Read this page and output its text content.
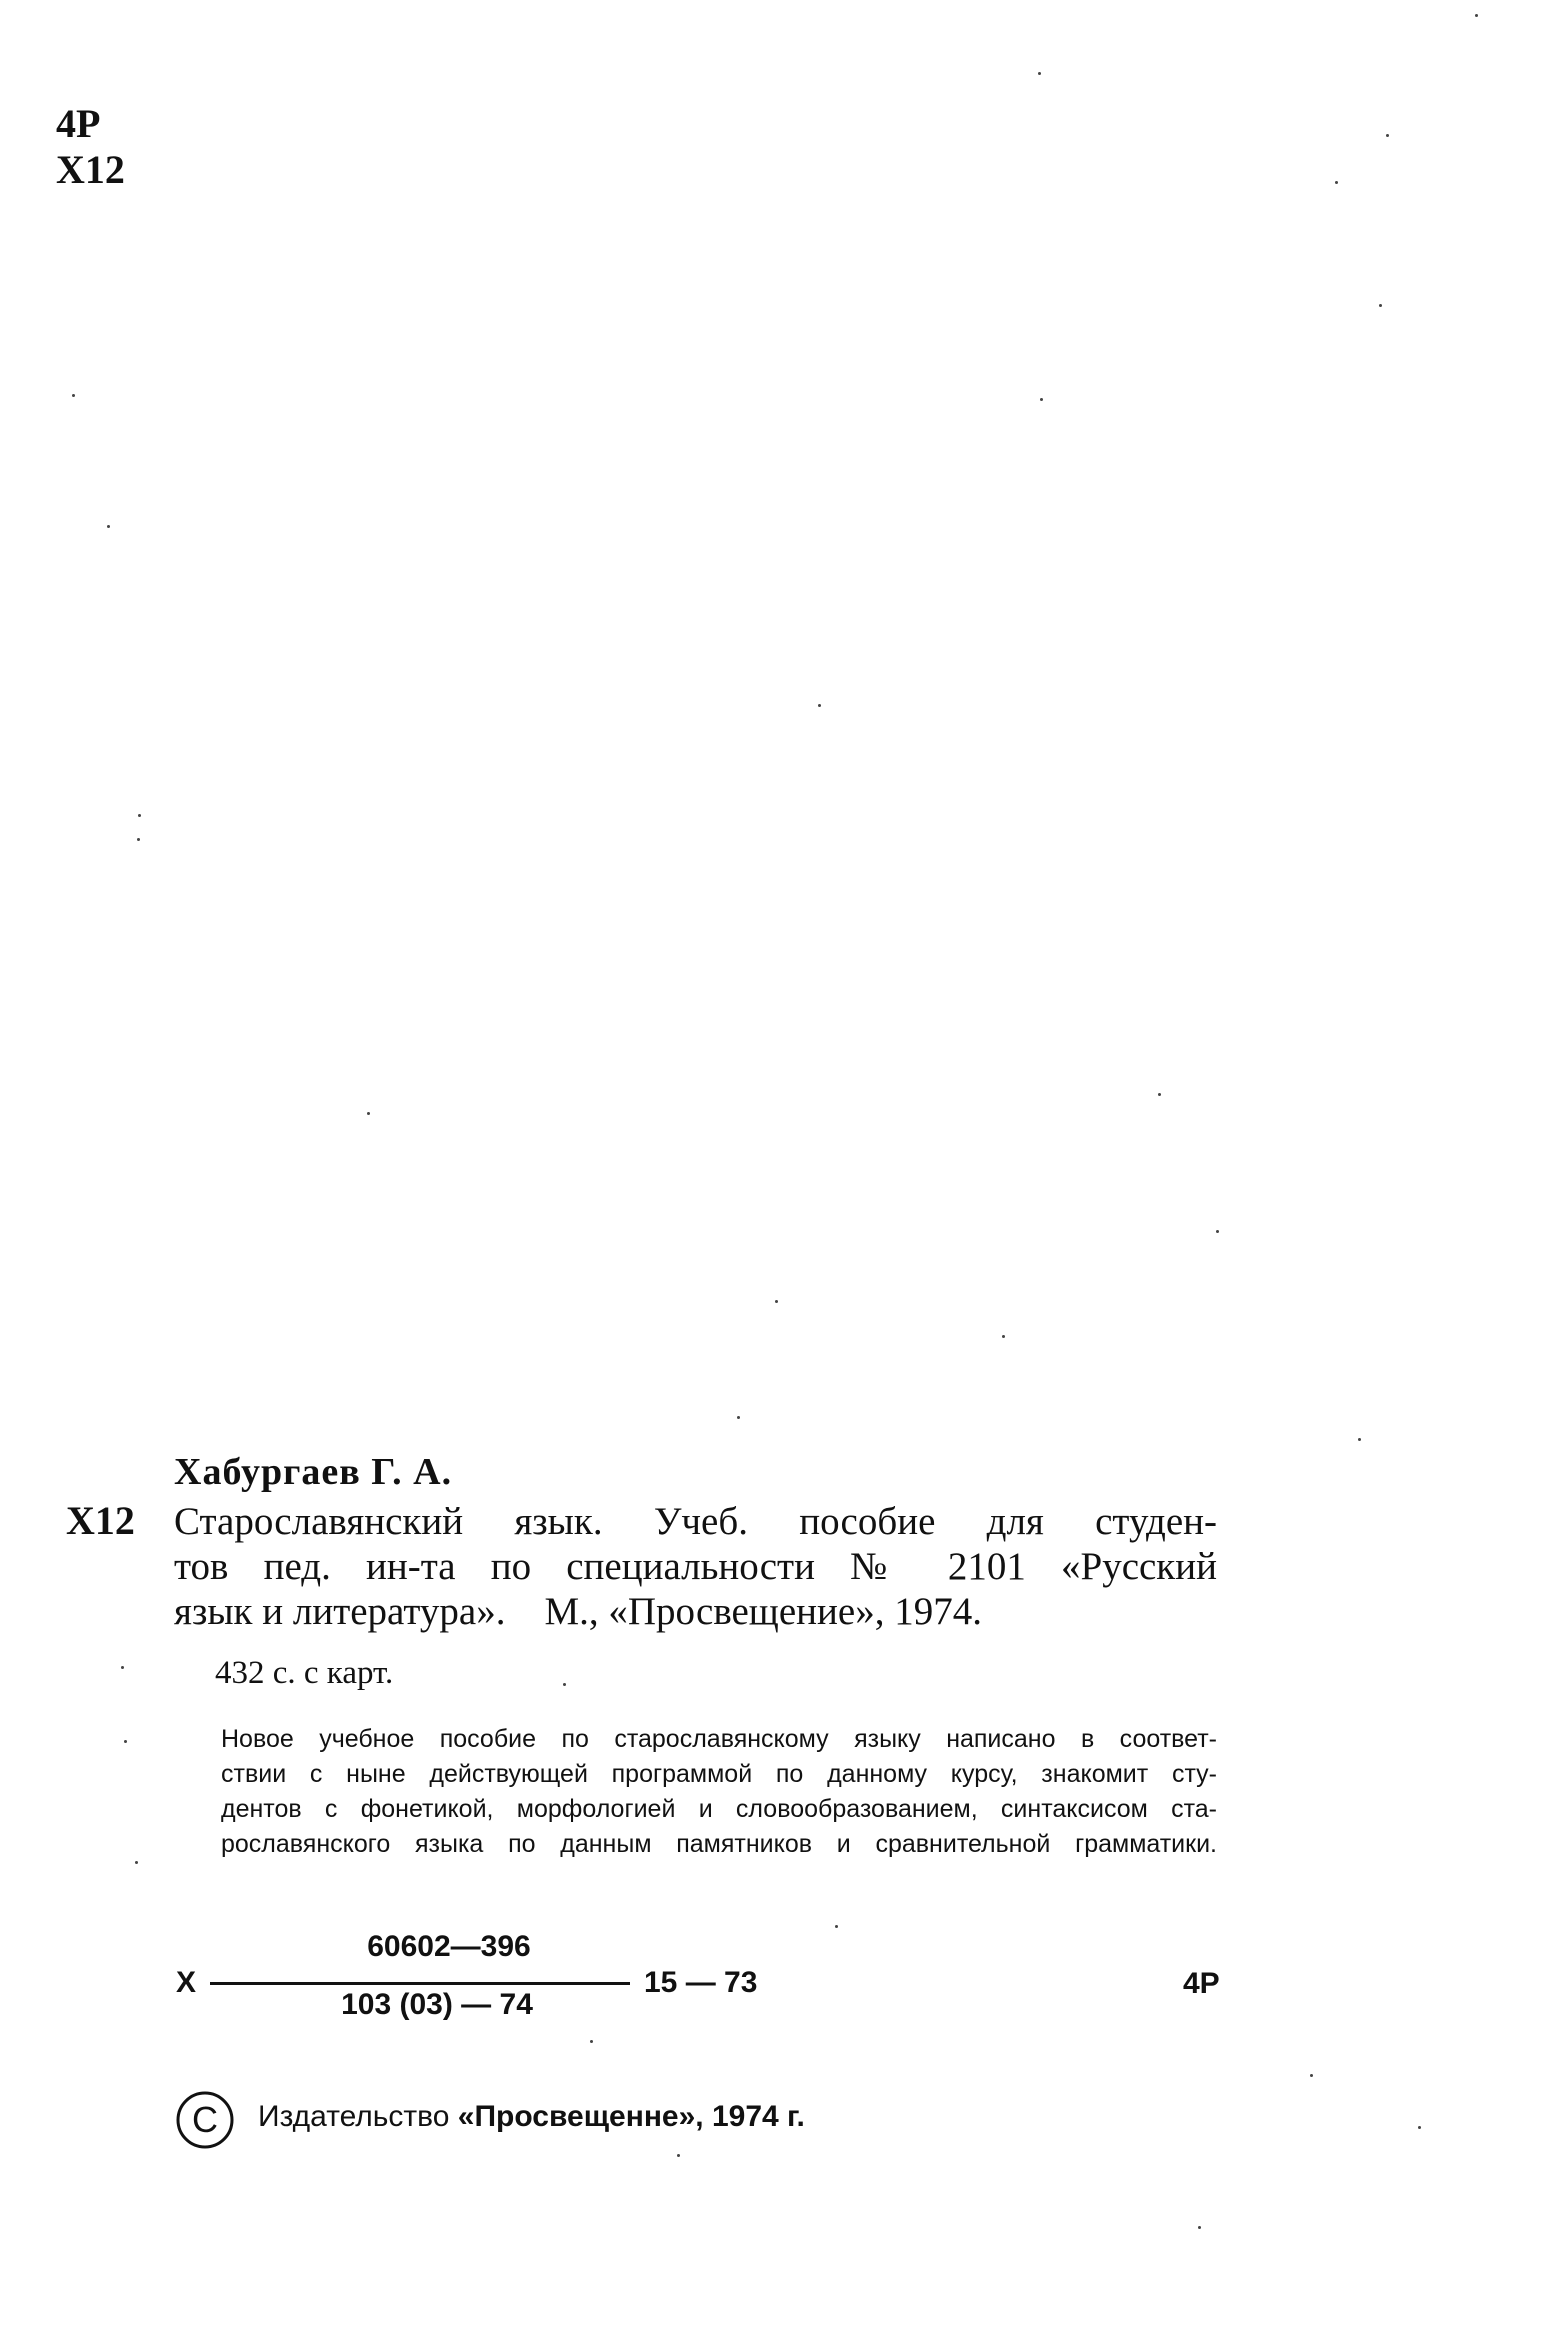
4Р
Х12
Хабургаев Г. А.
Х12 Старославянский язык. Учеб. пособие для студен-
тов пед. ин-та по специальности № 2101 «Русский
язык и литература».    М., «Просвещение», 1974.
432 с. с карт.
Новое учебное пособие по старославянскому языку написано в соответ-
ствии с ныне действующей программой по данному курсу, знакомит сту-
дентов с фонетикой, морфологией и словообразованием, синтаксисом ста-
рославянского языка по данным памятников и сравнительной грамматики.
Х
60602—396
103 (03) — 74
15 — 73	4Р
C Издательство «Просвещенне», 1974 г.
